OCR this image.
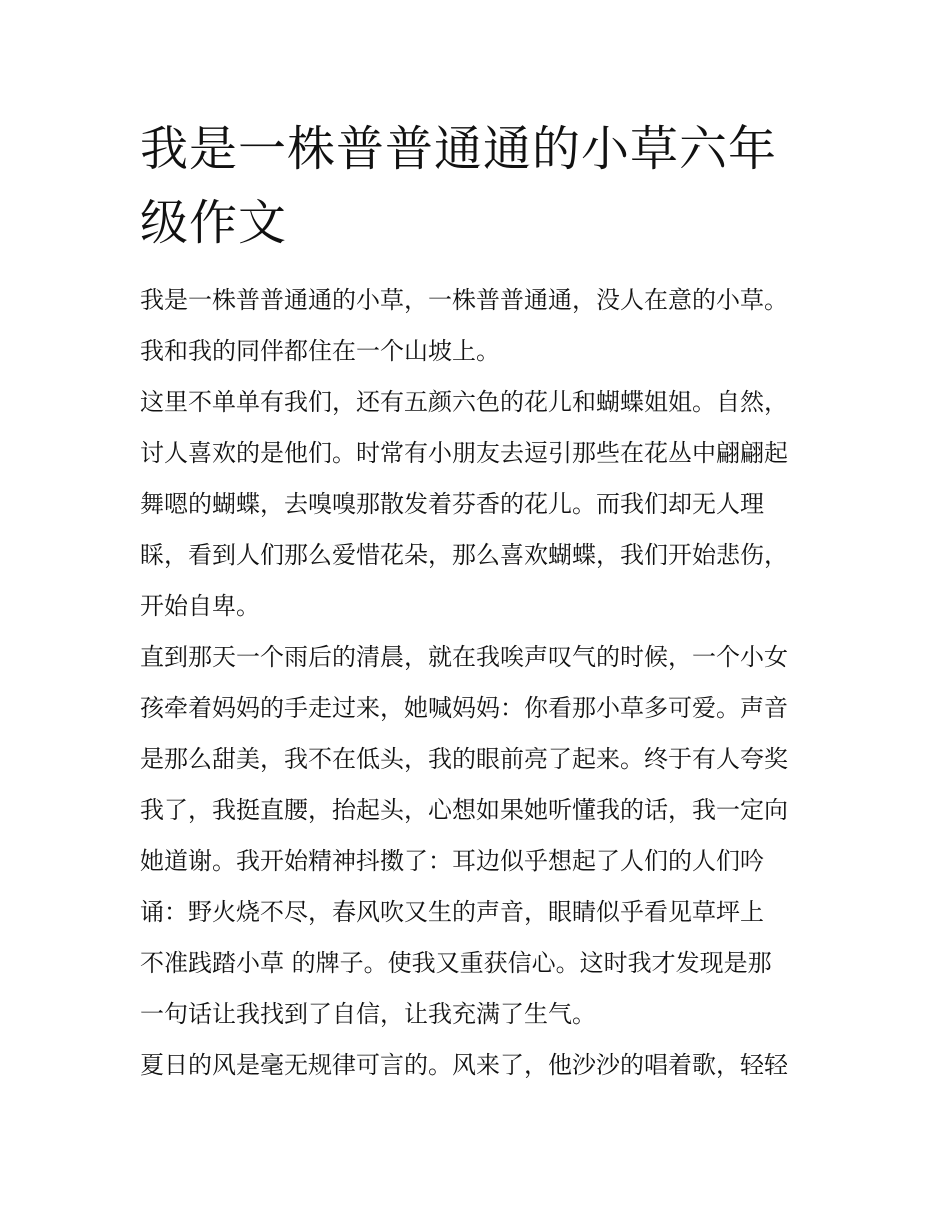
我是一株普普通通的小草六年
级作文
我是一株普普通通的小草，一株普普通通，没人在意的小草。
我和我的同伴都住在一个山坡上。
这里不单单有我们，还有五颜六色的花儿和蝴蝶姐姐。自然，
讨人喜欢的是他们。时常有小朋友去逗引那些在花丛中翩翩起
舞嗯的蝴蝶，去嗅嗅那散发着芬香的花儿。而我们却无人理
睬，看到人们那么爱惜花朵，那么喜欢蝴蝶，我们开始悲伤，
开始自卑。
直到那天一个雨后的清晨，就在我唉声叹气的时候，一个小女
孩牵着妈妈的手走过来，她喊妈妈：你看那小草多可爱。声音
是那么甜美，我不在低头，我的眼前亮了起来。终于有人夸奖
我了，我挺直腰，抬起头，心想如果她听懂我的话，我一定向
她道谢。我开始精神抖擞了：耳边似乎想起了人们的人们吟
诵：野火烧不尽，春风吹又生的声音，眼睛似乎看见草坪上
不准践踏小草 的牌子。使我又重获信心。这时我才发现是那
一句话让我找到了自信，让我充满了生气。
夏日的风是毫无规律可言的。风来了，他沙沙的唱着歌，轻轻
